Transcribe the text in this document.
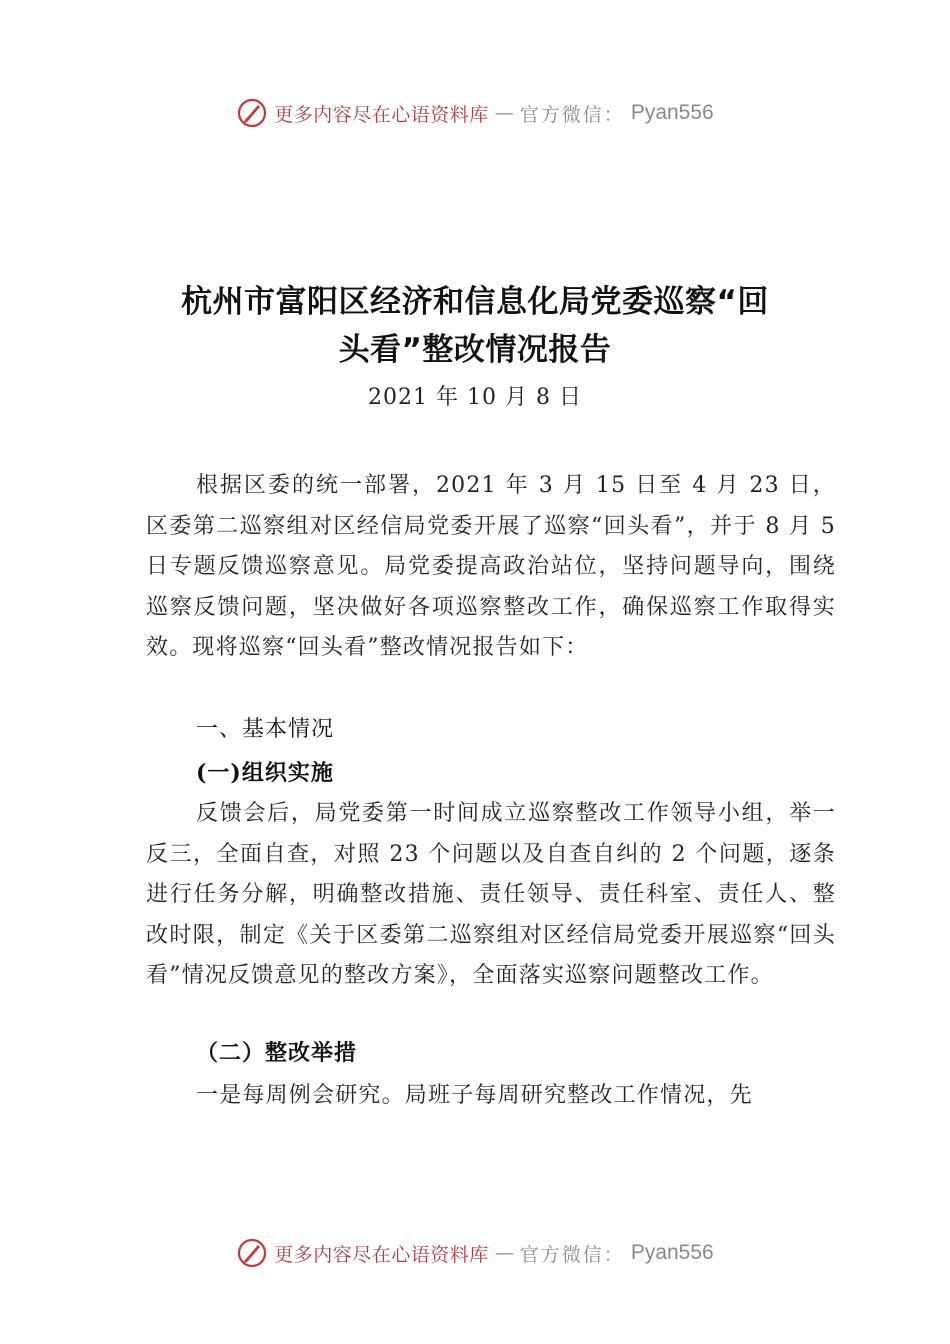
更多内容尽在心语资料库 — 官方微信： Pyan556
杭州市富阳区经济和信息化局党委巡察“回
头看”整改情况报告
2021 年 10 月 8 日
根据区委的统一部署，2021 年 3 月 15 日至 4 月 23 日，区委第二巡察组对区经信局党委开展了巡察“回头看”，并于 8 月 5 日专题反馈巡察意见。局党委提高政治站位，坚持问题导向，围绕巡察反馈问题，坚决做好各项巡察整改工作，确保巡察工作取得实效。现将巡察“回头看”整改情况报告如下：
一、基本情况
(一)组织实施
反馈会后，局党委第一时间成立巡察整改工作领导小组，举一反三，全面自查，对照 23 个问题以及自查自纠的 2 个问题，逐条进行任务分解，明确整改措施、责任领导、责任科室、责任人、整改时限，制定《关于区委第二巡察组对区经信局党委开展巡察“回头看”情况反馈意见的整改方案》，全面落实巡察问题整改工作。
（二）整改举措
一是每周例会研究。局班子每周研究整改工作情况，先
更多内容尽在心语资料库 — 官方微信： Pyan556
